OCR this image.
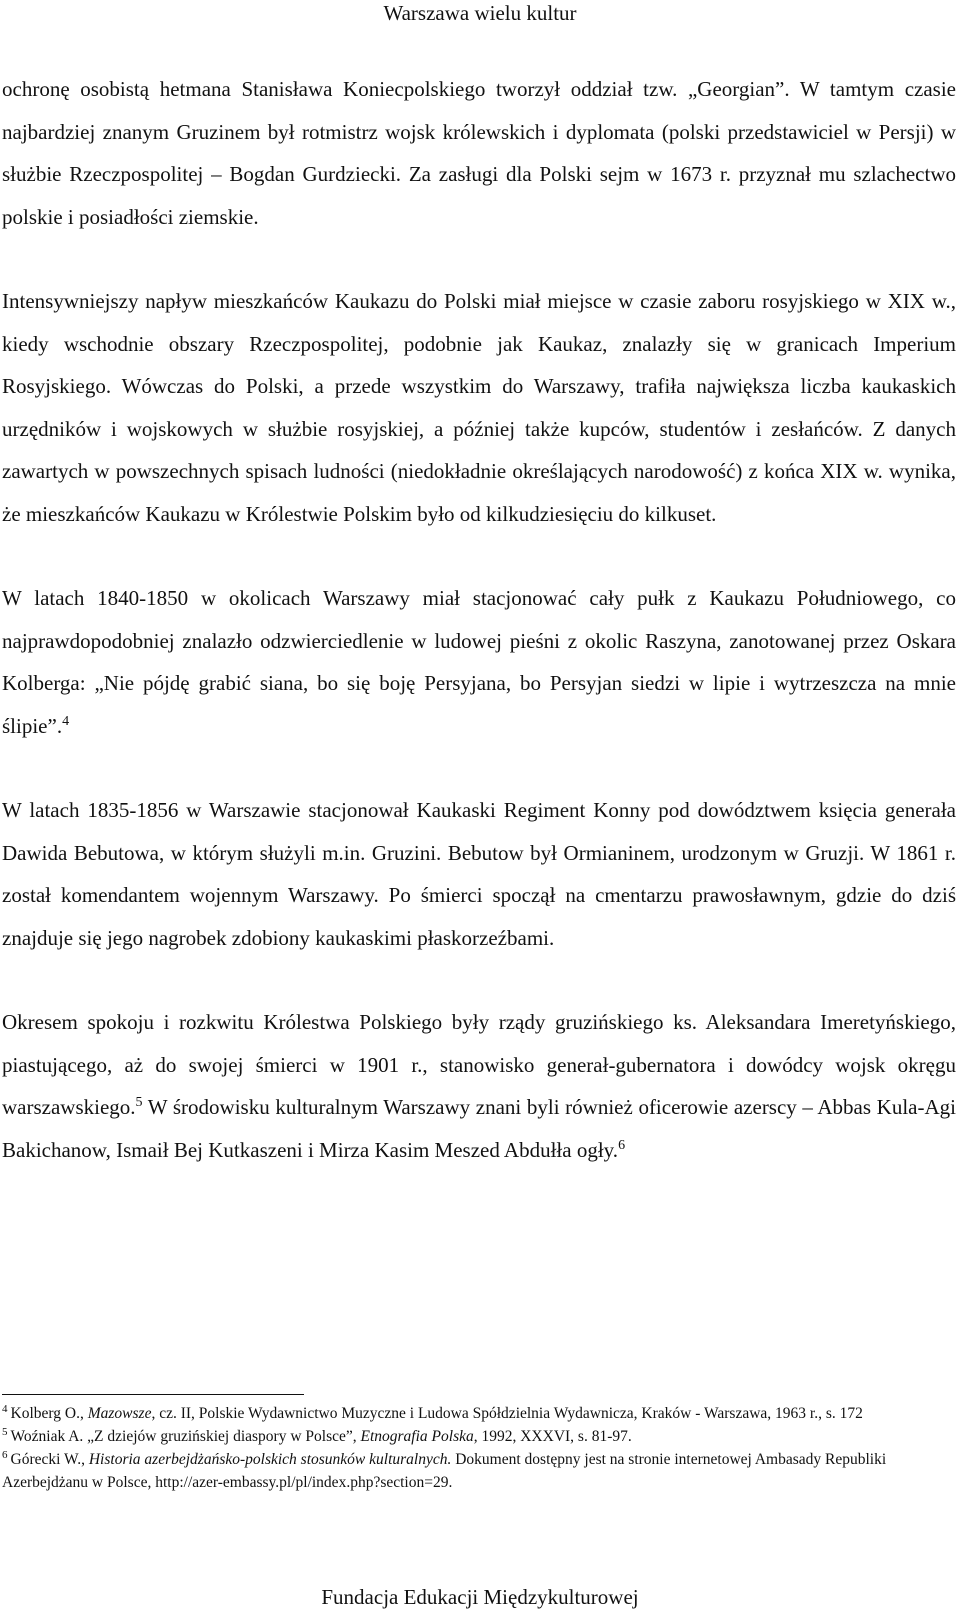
Warszawa wielu kultur

ochronę osobistą hetmana Stanisława Koniecpolskiego tworzył oddział tzw. „Georgian”. W tamtym czasie najbardziej znanym Gruzinem był rotmistrz wojsk królewskich i dyplomata (polski przedstawiciel w Persji) w służbie Rzeczpospolitej – Bogdan Gurdziecki. Za zasługi dla Polski sejm w 1673 r. przyznał mu szlachectwo polskie i posiadłości ziemskie.

Intensywniejszy napływ mieszkańców Kaukazu do Polski miał miejsce w czasie zaboru rosyjskiego w XIX w., kiedy wschodnie obszary Rzeczpospolitej, podobnie jak Kaukaz, znalazły się w granicach Imperium Rosyjskiego. Wówczas do Polski, a przede wszystkim do Warszawy, trafiła największa liczba kaukaskich urzędników i wojskowych w służbie rosyjskiej, a później także kupców, studentów i zesłańców. Z danych zawartych w powszechnych spisach ludności (niedokładnie określających narodowość) z końca XIX w. wynika, że mieszkańców Kaukazu w Królestwie Polskim było od kilkudziesięciu do kilkuset.

W latach 1840-1850 w okolicach Warszawy miał stacjonować cały pułk z Kaukazu Południowego, co najprawdopodobniej znalazło odzwierciedlenie w ludowej pieśni z okolic Raszyna, zanotowanej przez Oskara Kolberga: „Nie pójdę grabić siana, bo się boję Persyjana, bo Persyjan siedzi w lipie i wytrzeszcza na mnie ślipie”.$^4$

W latach 1835-1856 w Warszawie stacjonował Kaukaski Regiment Konny pod dowództwem księcia generała Dawida Bebutowa, w którym służyli m.in. Gruzini. Bebutow był Ormianinem, urodzonym w Gruzji. W 1861 r. został komendantem wojennym Warszawy. Po śmierci spoczął na cmentarzu prawosławnym, gdzie do dziś znajduje się jego nagrobek zdobiony kaukaskimi płaskorzeźbami.

Okresem spokoju i rozkwitu Królestwa Polskiego były rządy gruzińskiego ks. Aleksandara Imeretyńskiego, piastującego, aż do swojej śmierci w 1901 r., stanowisko generał-gubernatora i dowódcy wojsk okręgu warszawskiego.$^5$ W środowisku kulturalnym Warszawy znani byli również oficerowie azerscy – Abbas Kula-Agi Bakichanow, Ismaił Bej Kutkaszeni i Mirza Kasim Meszed Abdułła ogły.$^6$

$^4$ Kolberg O., Mazowsze, cz. II, Polskie Wydawnictwo Muzyczne i Ludowa Spółdzielnia Wydawnicza, Kraków - Warszawa, 1963 r., s. 172

$^5$ Woźniak A. „Z dziejów gruzińskiej diaspory w Polsce”, Etnografia Polska, 1992, XXXVI, s. 81-97.

$^6$ Górecki W., Historia azerbejdżańsko-polskich stosunków kulturalnych. Dokument dostępny jest na stronie internetowej Ambasady Republiki Azerbejdżanu w Polsce, http://azer-embassy.pl/pl/index.php?section=29.

Fundacja Edukacji Międzykulturowej
